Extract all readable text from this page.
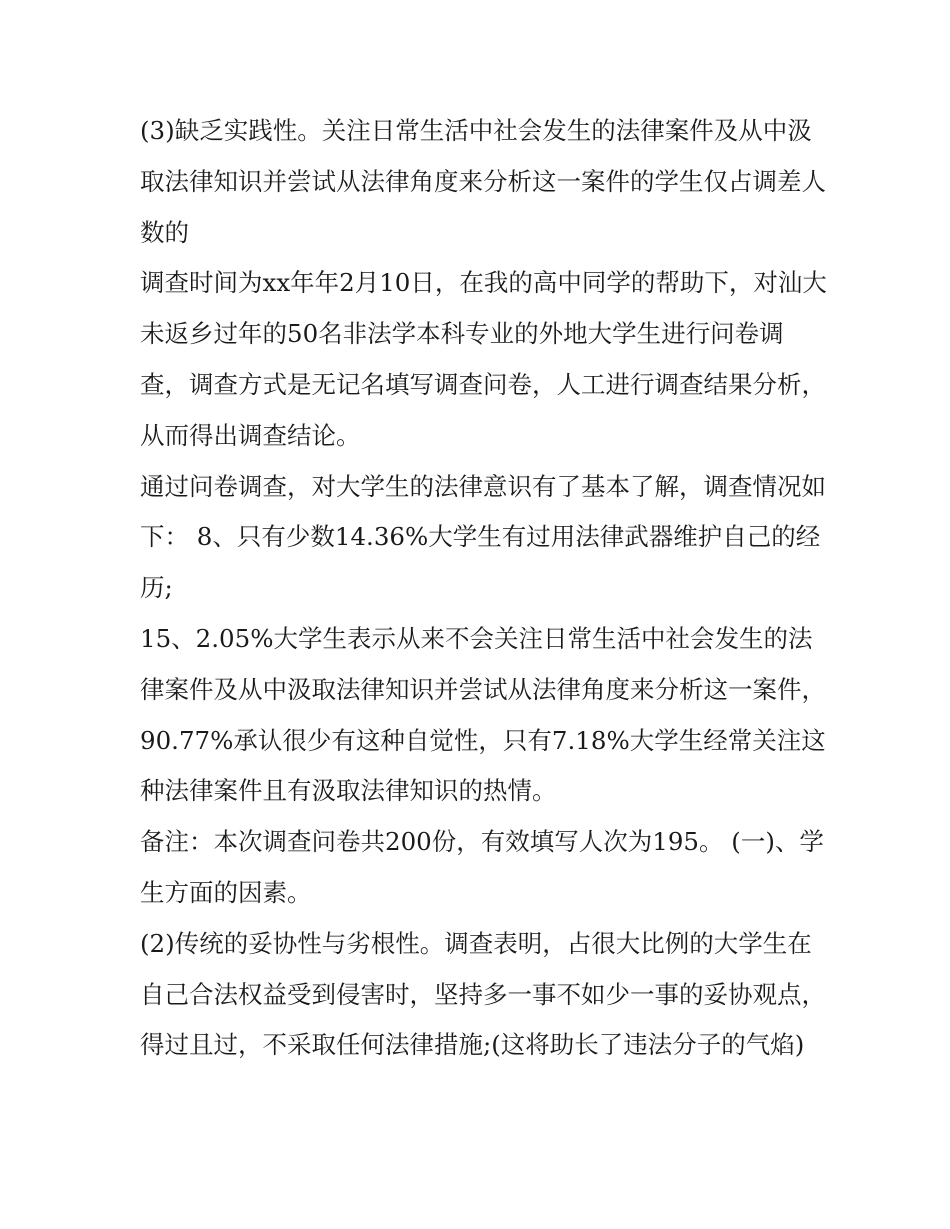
(3)缺乏实践性。关注日常生活中社会发生的法律案件及从中汲取法律知识并尝试从法律角度来分析这一案件的学生仅占调差人数的

调查时间为xx年年2月10日，在我的高中同学的帮助下，对汕大未返乡过年的50名非法学本科专业的外地大学生进行问卷调查，调查方式是无记名填写调查问卷，人工进行调查结果分析，从而得出调查结论。

通过问卷调查，对大学生的法律意识有了基本了解，调查情况如下： 8、只有少数14.36%大学生有过用法律武器维护自己的经历;

15、2.05%大学生表示从来不会关注日常生活中社会发生的法律案件及从中汲取法律知识并尝试从法律角度来分析这一案件，90.77%承认很少有这种自觉性，只有7.18%大学生经常关注这种法律案件且有汲取法律知识的热情。

备注：本次调查问卷共200份，有效填写人次为195。 (一)、学生方面的因素。

(2)传统的妥协性与劣根性。调查表明，占很大比例的大学生在自己合法权益受到侵害时，坚持多一事不如少一事的妥协观点，得过且过，不采取任何法律措施;(这将助长了违法分子的气焰)
